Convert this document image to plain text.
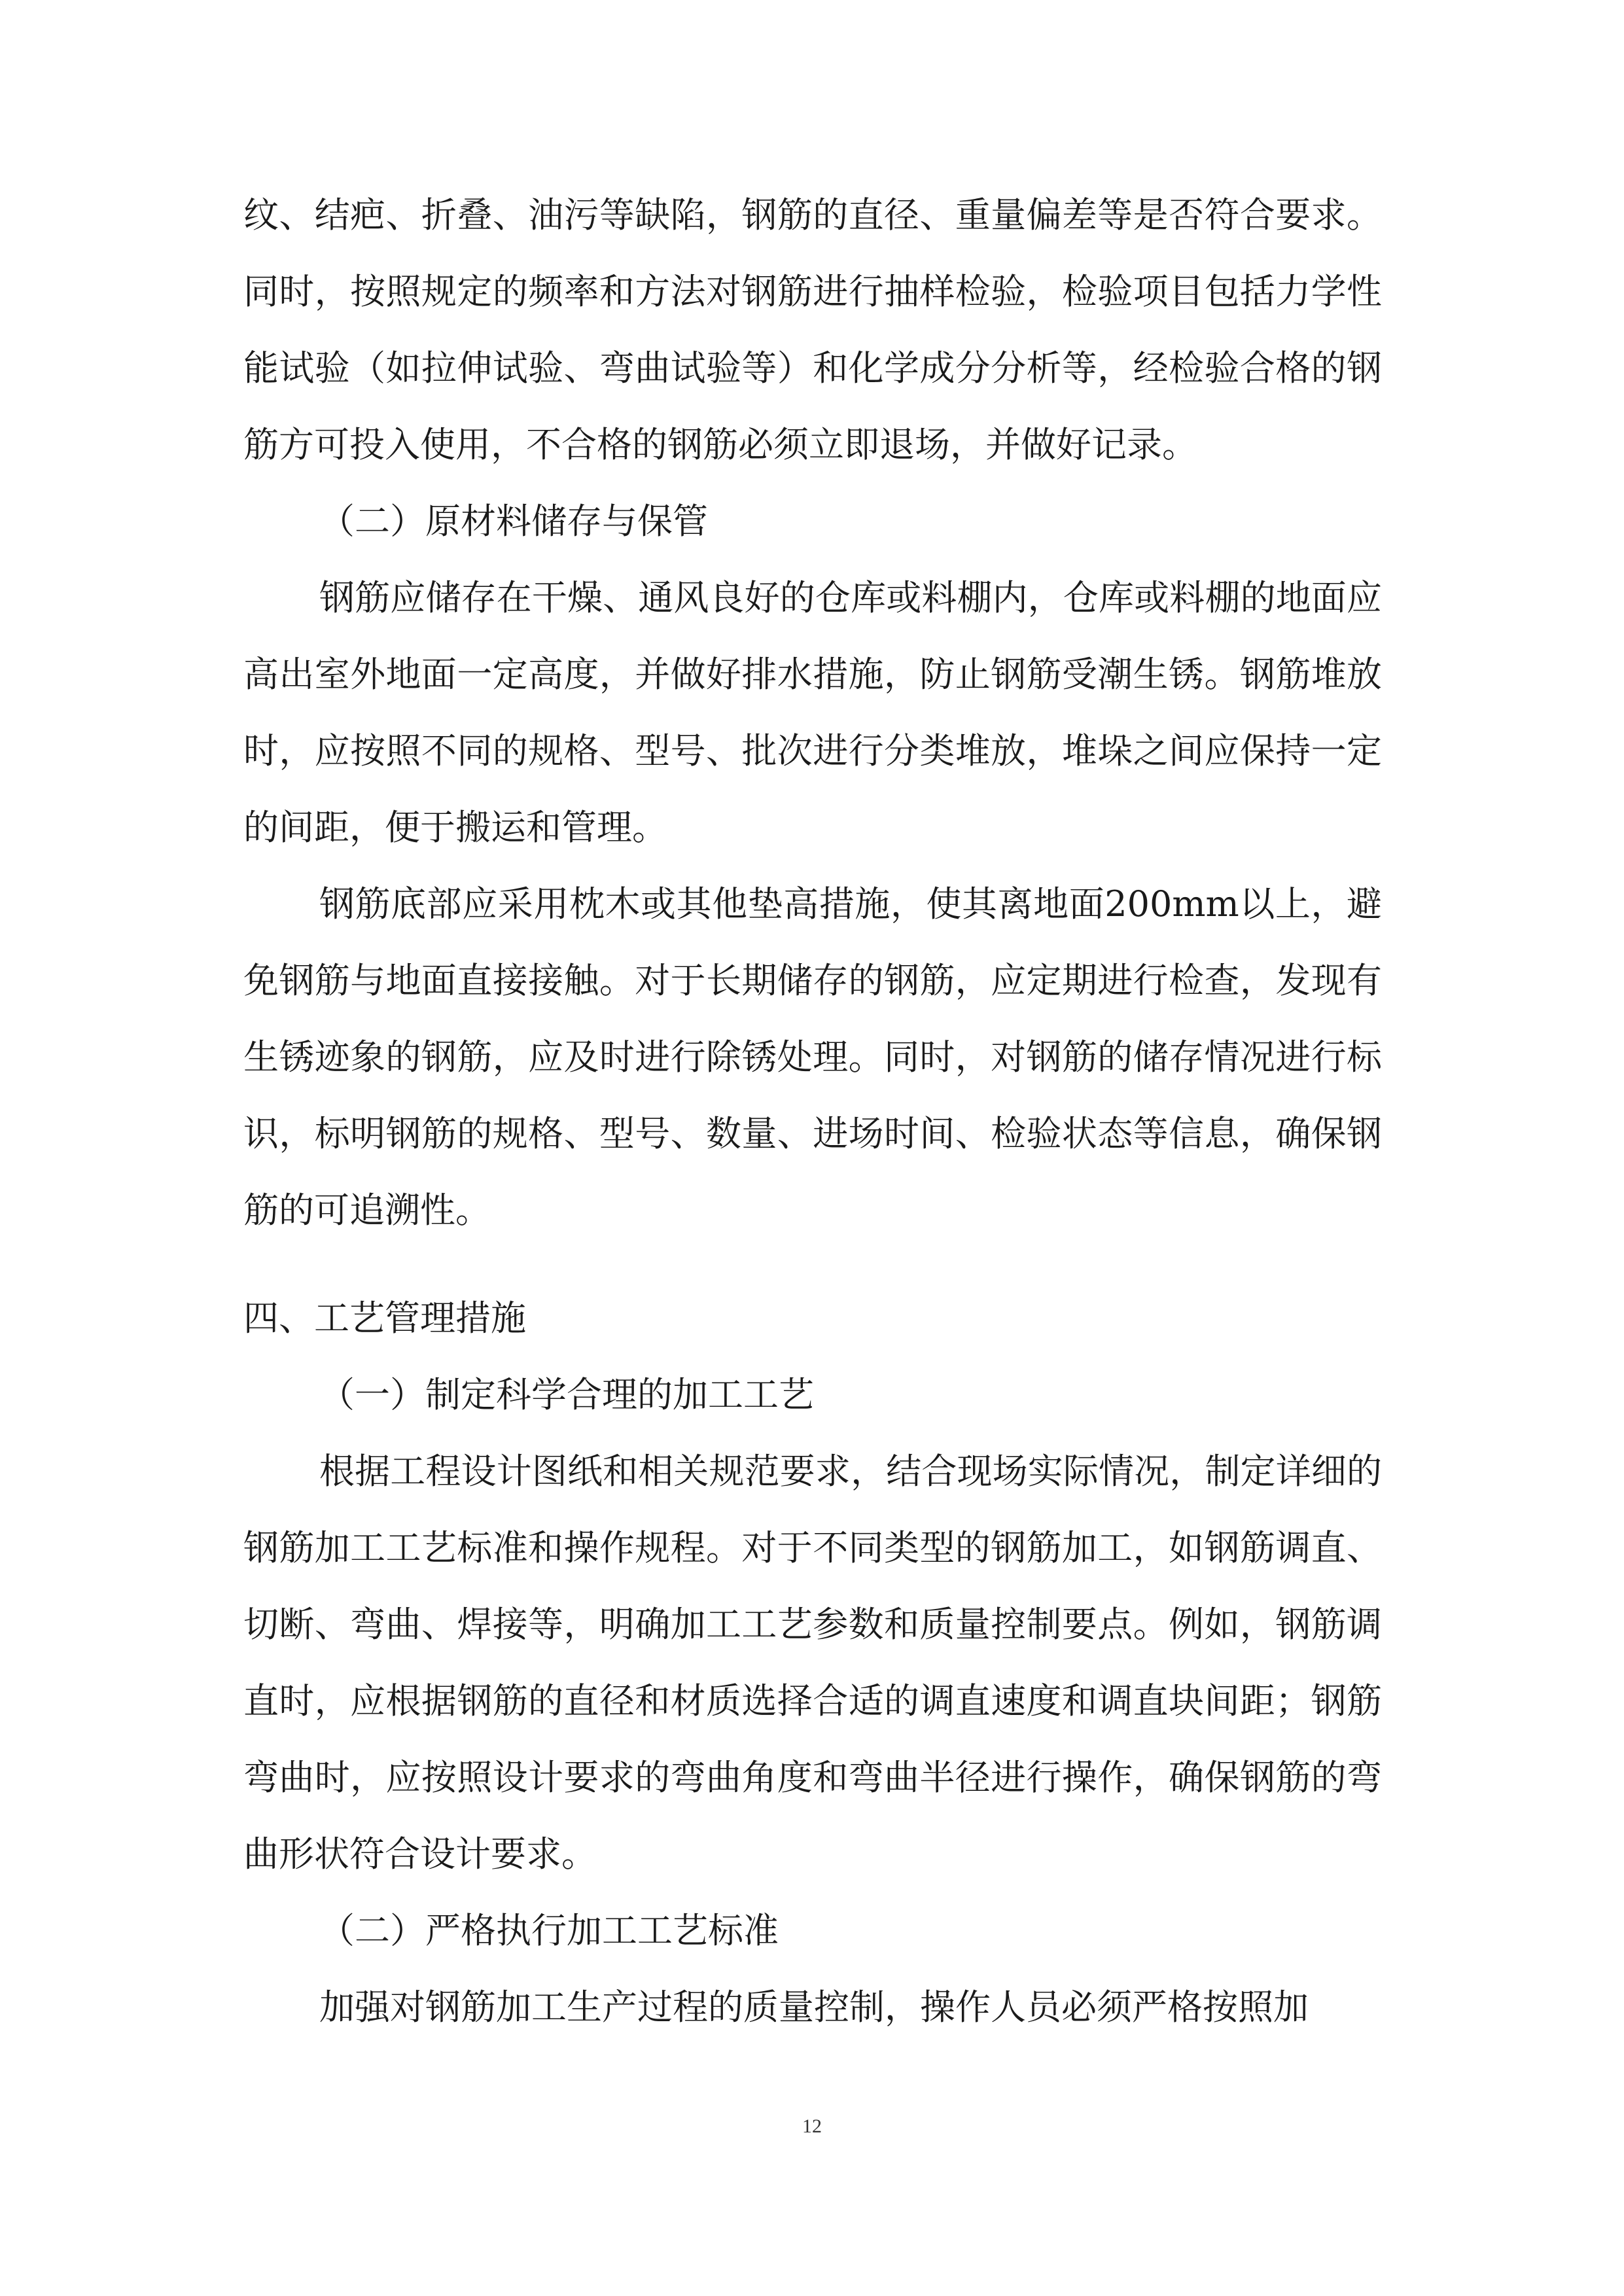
纹、结疤、折叠、油污等缺陷，钢筋的直径、重量偏差等是否符合要求。同时，按照规定的频率和方法对钢筋进行抽样检验，检验项目包括力学性能试验（如拉伸试验、弯曲试验等）和化学成分分析等，经检验合格的钢筋方可投入使用，不合格的钢筋必须立即退场，并做好记录。

（二）原材料储存与保管

钢筋应储存在干燥、通风良好的仓库或料棚内，仓库或料棚的地面应高出室外地面一定高度，并做好排水措施，防止钢筋受潮生锈。钢筋堆放时，应按照不同的规格、型号、批次进行分类堆放，堆垛之间应保持一定的间距，便于搬运和管理。

钢筋底部应采用枕木或其他垫高措施，使其离地面200mm以上，避免钢筋与地面直接接触。对于长期储存的钢筋，应定期进行检查，发现有生锈迹象的钢筋，应及时进行除锈处理。同时，对钢筋的储存情况进行标识，标明钢筋的规格、型号、数量、进场时间、检验状态等信息，确保钢筋的可追溯性。

四、工艺管理措施

（一）制定科学合理的加工工艺

根据工程设计图纸和相关规范要求，结合现场实际情况，制定详细的钢筋加工工艺标准和操作规程。对于不同类型的钢筋加工，如钢筋调直、切断、弯曲、焊接等，明确加工工艺参数和质量控制要点。例如，钢筋调直时，应根据钢筋的直径和材质选择合适的调直速度和调直块间距；钢筋弯曲时，应按照设计要求的弯曲角度和弯曲半径进行操作，确保钢筋的弯曲形状符合设计要求。

（二）严格执行加工工艺标准

加强对钢筋加工生产过程的质量控制，操作人员必须严格按照加

12
